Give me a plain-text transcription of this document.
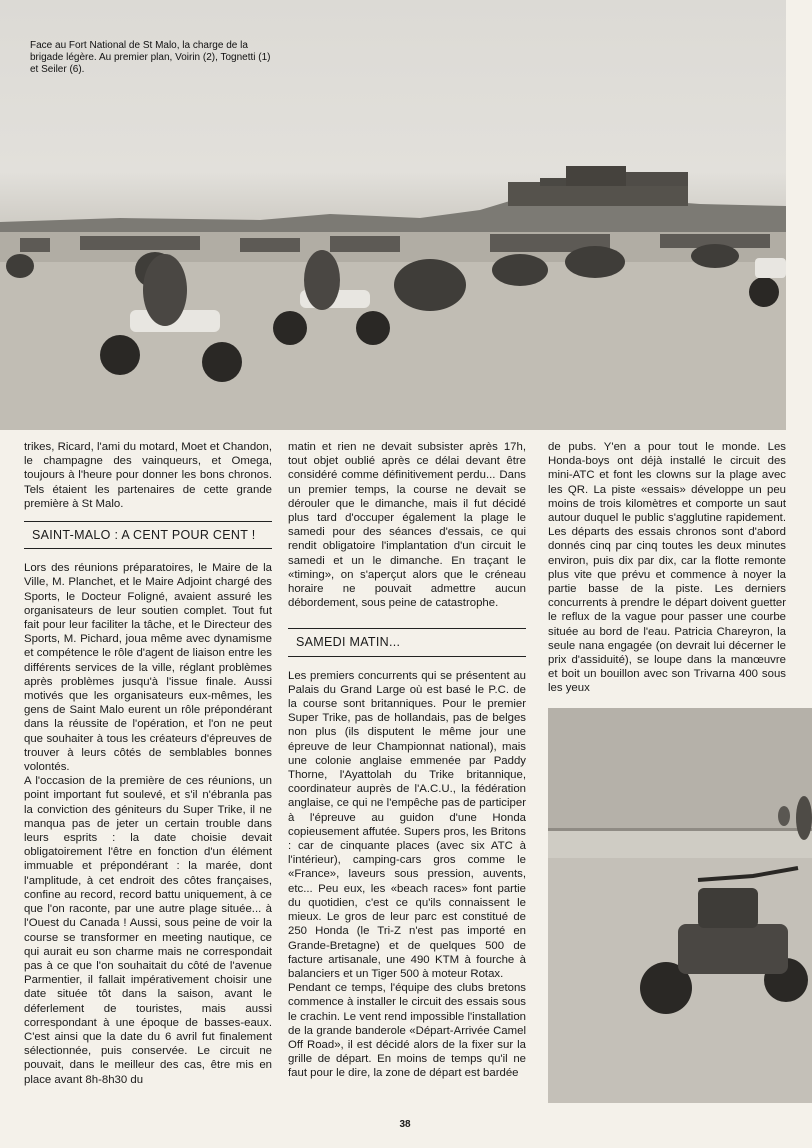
Face au Fort National de St Malo, la charge de la brigade légère. Au premier plan, Voirin (2), Tognetti (1) et Seiler (6).

trikes, Ricard, l'ami du motard, Moet et Chandon, le champagne des vainqueurs, et Omega, toujours à l'heure pour donner les bons chronos. Tels étaient les partenaires de cette grande première à St Malo.

SAINT-MALO : A CENT POUR CENT !

Lors des réunions préparatoires, le Maire de la Ville, M. Planchet, et le Maire Adjoint chargé des Sports, le Docteur Foligné, avaient assuré les organisateurs de leur soutien complet. Tout fut fait pour leur faciliter la tâche, et le Directeur des Sports, M. Pichard, joua même avec dynamisme et compétence le rôle d'agent de liaison entre les différents services de la ville, réglant problèmes après problèmes jusqu'à l'issue finale. Aussi motivés que les organisateurs eux-mêmes, les gens de Saint Malo eurent un rôle prépondérant dans la réussite de l'opération, et l'on ne peut que souhaiter à tous les créateurs d'épreuves de trouver à leurs côtés de semblables bonnes volontés.

A l'occasion de la première de ces réunions, un point important fut soulevé, et s'il n'ébranla pas la conviction des géniteurs du Super Trike, il ne manqua pas de jeter un certain trouble dans leurs esprits : la date choisie devait obligatoirement l'être en fonction d'un élément immuable et prépondérant : la marée, dont l'amplitude, à cet endroit des côtes françaises, confine au record, record battu uniquement, à ce que l'on raconte, par une autre plage située... à l'Ouest du Canada ! Aussi, sous peine de voir la course se transformer en meeting nautique, ce qui aurait eu son charme mais ne correspondait pas à ce que l'on souhaitait du côté de l'avenue Parmentier, il fallait impérativement choisir une date située tôt dans la saison, avant le déferlement de touristes, mais aussi correspondant à une époque de basses-eaux. C'est ainsi que la date du 6 avril fut finalement sélectionnée, puis conservée. Le circuit ne pouvait, dans le meilleur des cas, être mis en place avant 8h-8h30 du

matin et rien ne devait subsister après 17h, tout objet oublié après ce délai devant être considéré comme définitivement perdu... Dans un premier temps, la course ne devait se dérouler que le dimanche, mais il fut décidé plus tard d'occuper également la plage le samedi pour des séances d'essais, ce qui rendit obligatoire l'implantation d'un circuit le samedi et un le dimanche. En traçant le «timing», on s'aperçut alors que le créneau horaire ne pouvait admettre aucun débordement, sous peine de catastrophe.

SAMEDI MATIN...

Les premiers concurrents qui se présentent au Palais du Grand Large où est basé le P.C. de la course sont britanniques. Pour le premier Super Trike, pas de hollandais, pas de belges non plus (ils disputent le même jour une épreuve de leur Championnat national), mais une colonie anglaise emmenée par Paddy Thorne, l'Ayattolah du Trike britannique, coordinateur auprès de l'A.C.U., la fédération anglaise, ce qui ne l'empêche pas de participer à l'épreuve au guidon d'une Honda copieusement affutée. Supers pros, les Britons : car de cinquante places (avec six ATC à l'intérieur), camping-cars gros comme le «France», laveurs sous pression, auvents, etc... Peu eux, les «beach races» font partie du quotidien, c'est ce qu'ils connaissent le mieux. Le gros de leur parc est constitué de 250 Honda (le Tri-Z n'est pas importé en Grande-Bretagne) et de quelques 500 de facture artisanale, une 490 KTM à fourche à balanciers et un Tiger 500 à moteur Rotax.

Pendant ce temps, l'équipe des clubs bretons commence à installer le circuit des essais sous le crachin. Le vent rend impossible l'installation de la grande banderole «Départ-Arrivée Camel Off Road», il est décidé alors de la fixer sur la grille de départ. En moins de temps qu'il ne faut pour le dire, la zone de départ est bardée

de pubs. Y'en a pour tout le monde. Les Honda-boys ont déjà installé le circuit des mini-ATC et font les clowns sur la plage avec les QR. La piste «essais» développe un peu moins de trois kilomètres et comporte un saut autour duquel le public s'agglutine rapidement. Les départs des essais chronos sont d'abord donnés cinq par cinq toutes les deux minutes environ, puis dix par dix, car la flotte remonte plus vite que prévu et commence à noyer la partie basse de la piste. Les derniers concurrents à prendre le départ doivent guetter le reflux de la vague pour passer une courbe située au bord de l'eau. Patricia Chareyron, la seule nana engagée (on devrait lui décerner le prix d'assiduité), se loupe dans la manœuvre et boit un bouillon avec son Trivarna 400 sous les yeux

38
